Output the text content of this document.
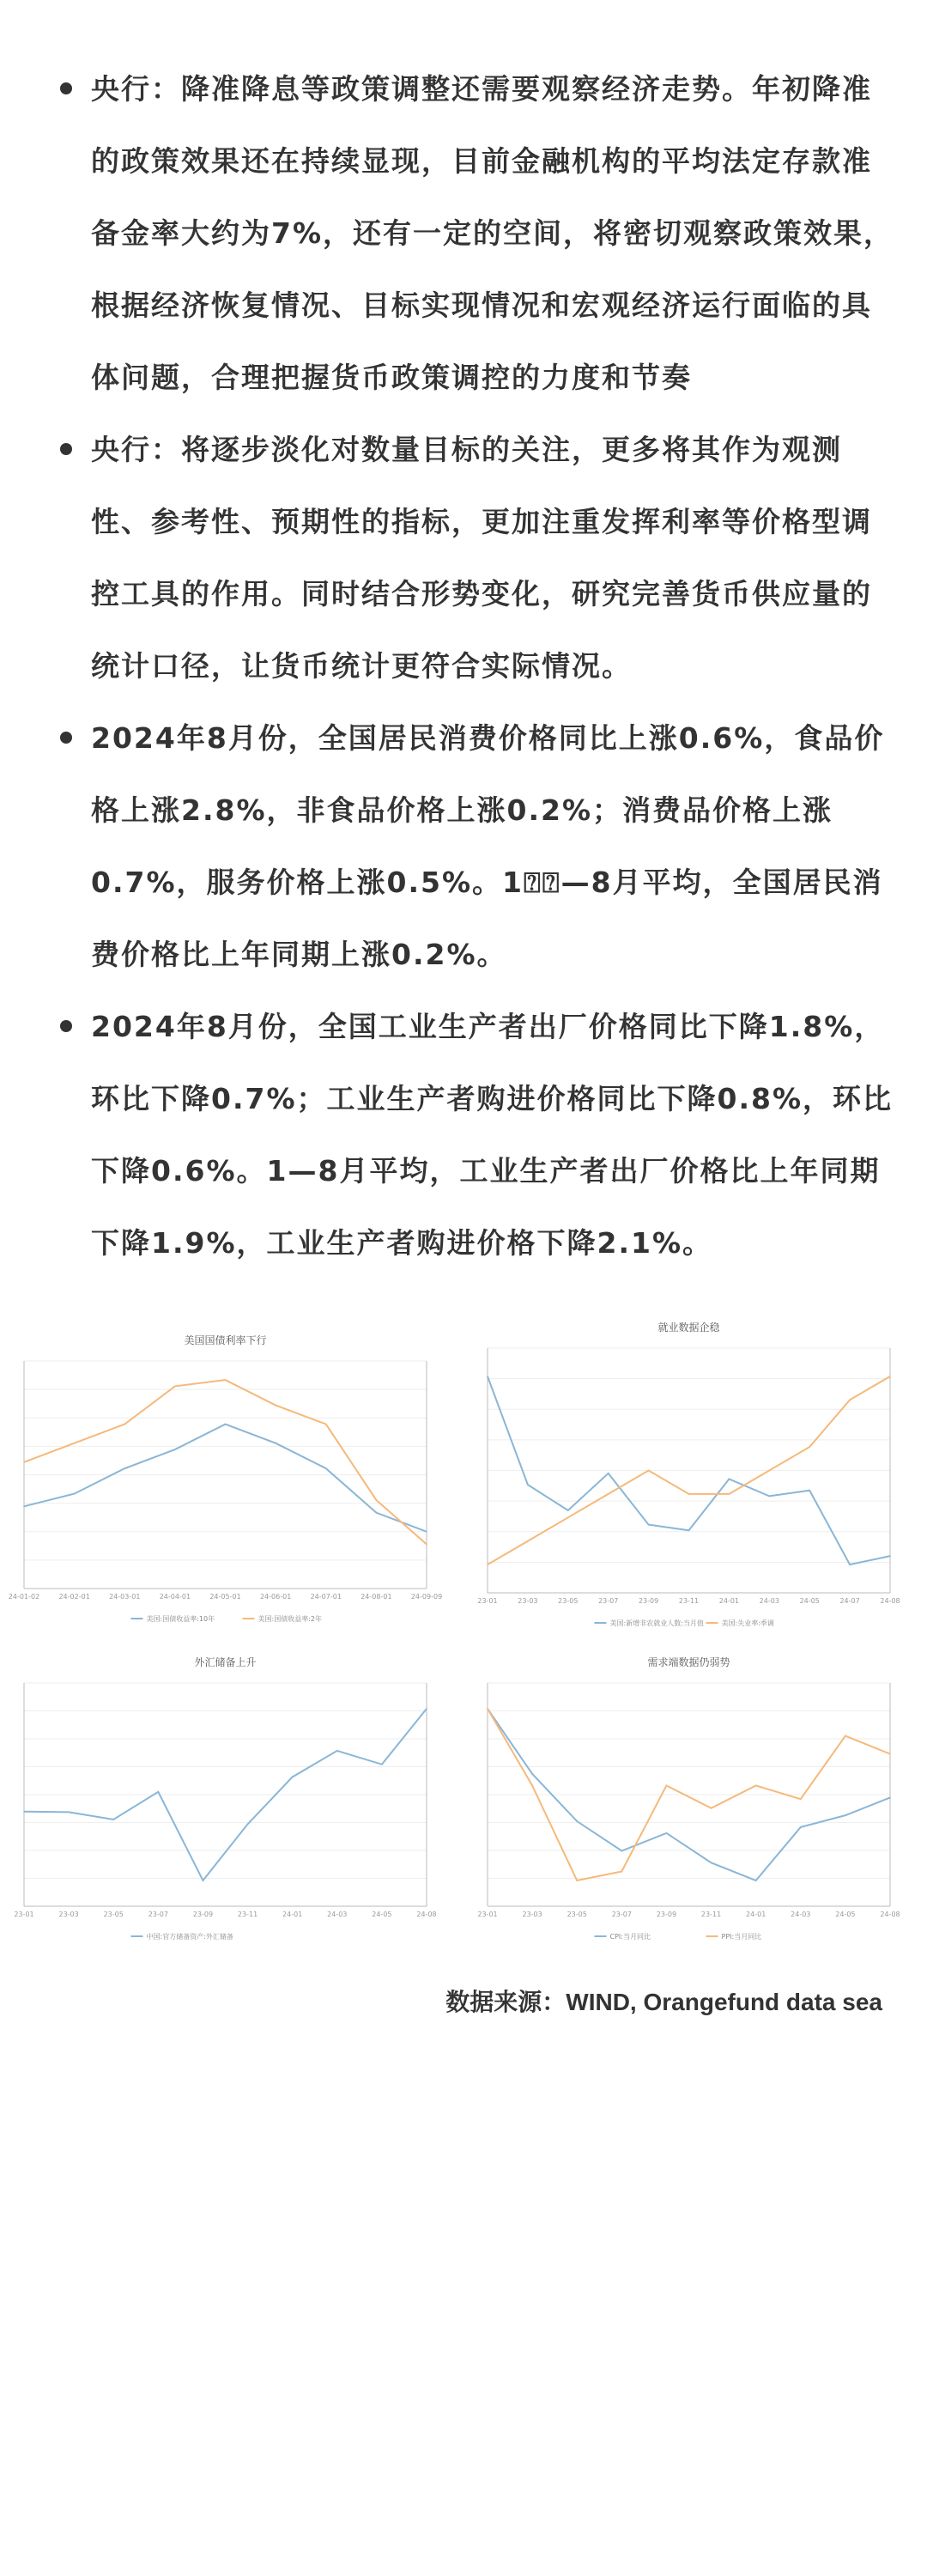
央行：降准降息等政策调整还需要观察经济走势。年初降准的政策效果还在持续显现，目前金融机构的平均法定存款准备金率大约为7%，还有一定的空间，将密切观察政策效果，根据经济恢复情况、目标实现情况和宏观经济运行面临的具体问题，合理把握货币政策调控的力度和节奏
央行：将逐步淡化对数量目标的关注，更多将其作为观测性、参考性、预期性的指标，更加注重发挥利率等价格型调控工具的作用。同时结合形势变化，研究完善货币供应量的统计口径，让货币统计更符合实际情况。
2024年8月份，全国居民消费价格同比上涨0.6%，食品价格上涨2.8%，非食品价格上涨0.2%；消费品价格上涨0.7%，服务价格上涨0.5%。1⍰⍰—8月平均，全国居民消费价格比上年同期上涨0.2%。
2024年8月份，全国工业生产者出厂价格同比下降1.8%，环比下降0.7%；工业生产者购进价格同比下降0.8%，环比下降0.6%。1—8月平均，工业生产者出厂价格比上年同期下降1.9%，工业生产者购进价格下降2.1%。
美国国债利率下行
24-01-02	24-02-01	24-03-01	24-04-01	24-05-01	24-06-01	24-07-01	24-08-01	24-09-09
美国:国债收益率:10年	美国:国债收益率:2年
就业数据企稳
23-01	23-03	23-05	23-07	23-09	23-11	24-01	24-03	24-05	24-07	24-08
美国:新增非农就业人数:当月值	美国:失业率:季调
外汇储备上升
23-01	23-03	23-05	23-07	23-09	23-11	24-01	24-03	24-05	24-08
中国:官方储备资产:外汇储备
需求端数据仍弱势
23-01	23-03	23-05	23-07	23-09	23-11	24-01	24-03	24-05	24-08
CPI:当月同比	PPI:当月同比
数据来源：WIND, Orangefund data sea
